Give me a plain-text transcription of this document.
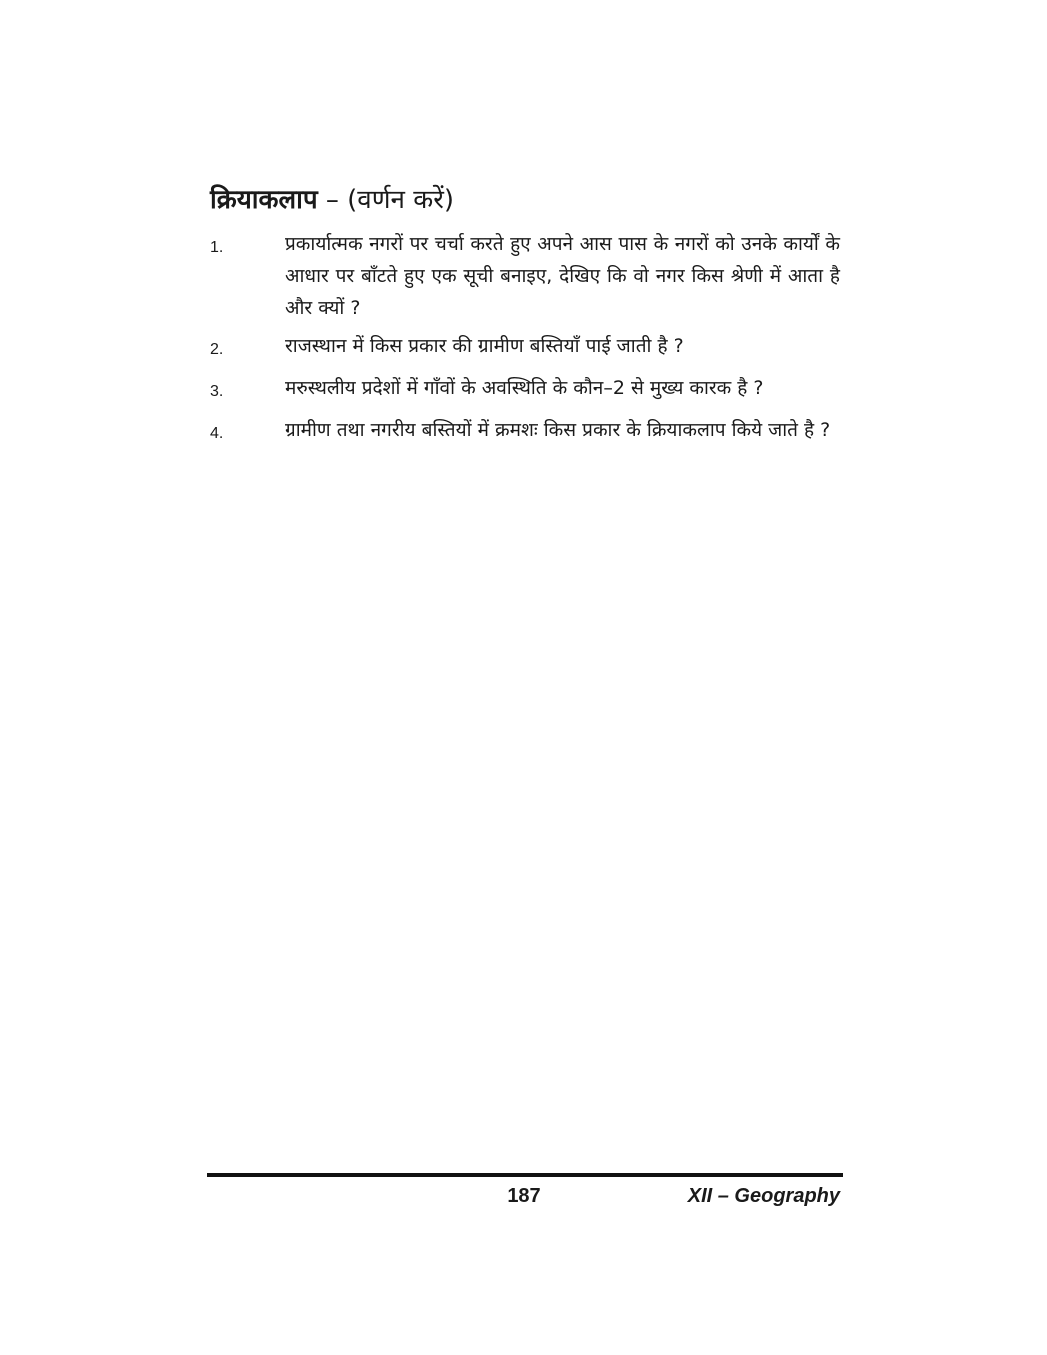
क्रियाकलाप – (वर्णन करें)
1.	प्रकार्यात्मक नगरों पर चर्चा करते हुए अपने आस पास के नगरों को उनके कार्यों के आधार पर बाँटते हुए एक सूची बनाइए, देखिए कि वो नगर किस श्रेणी में आता है और क्यों ?
2.	राजस्थान में किस प्रकार की ग्रामीण बस्तियाँ पाई जाती है ?
3.	मरुस्थलीय प्रदेशों में गाँवों के अवस्थिति के कौन–2 से मुख्य कारक है ?
4.	ग्रामीण तथा नगरीय बस्तियों में क्रमशः किस प्रकार के क्रियाकलाप किये जाते है ?
187	XII – Geography
